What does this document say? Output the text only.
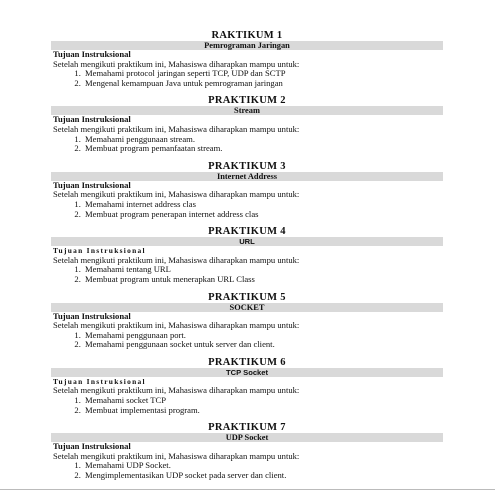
RAKTIKUM 1
Pemrograman Jaringan
Tujuan Instruksional
Setelah mengikuti praktikum ini, Mahasiswa diharapkan mampu untuk:
1. Memahami protocol jaringan seperti TCP, UDP dan SCTP
2. Mengenal kemampuan Java untuk pemrograman jaringan
PRAKTIKUM 2
Stream
Tujuan Instruksional
Setelah mengikuti praktikum ini, Mahasiswa diharapkan mampu untuk:
1. Memahami penggunaan stream.
2. Membuat program pemanfaatan stream.
PRAKTIKUM 3
Internet Address
Tujuan Instruksional
Setelah mengikuti praktikum ini, Mahasiswa diharapkan mampu untuk:
1. Memahami internet address clas
2. Membuat program penerapan internet address clas
PRAKTIKUM 4
URL
Tujuan Instruksional
Setelah mengikuti praktikum ini, Mahasiswa diharapkan mampu untuk:
1. Memahami tentang URL
2. Membuat program untuk menerapkan URL Class
PRAKTIKUM 5
SOCKET
Tujuan Instruksional
Setelah mengikuti praktikum ini, Mahasiswa diharapkan mampu untuk:
1. Memahami penggunaan port.
2. Memahami penggunaan socket untuk server dan client.
PRAKTIKUM 6
TCP Socket
Tujuan Instruksional
Setelah mengikuti praktikum ini, Mahasiswa diharapkan mampu untuk:
1. Memahami socket TCP
2. Membuat implementasi program.
PRAKTIKUM 7
UDP Socket
Tujuan Instruksional
Setelah mengikuti praktikum ini, Mahasiswa diharapkan mampu untuk:
1. Memahami UDP Socket.
2. Mengimplementasikan UDP socket pada server dan client.
